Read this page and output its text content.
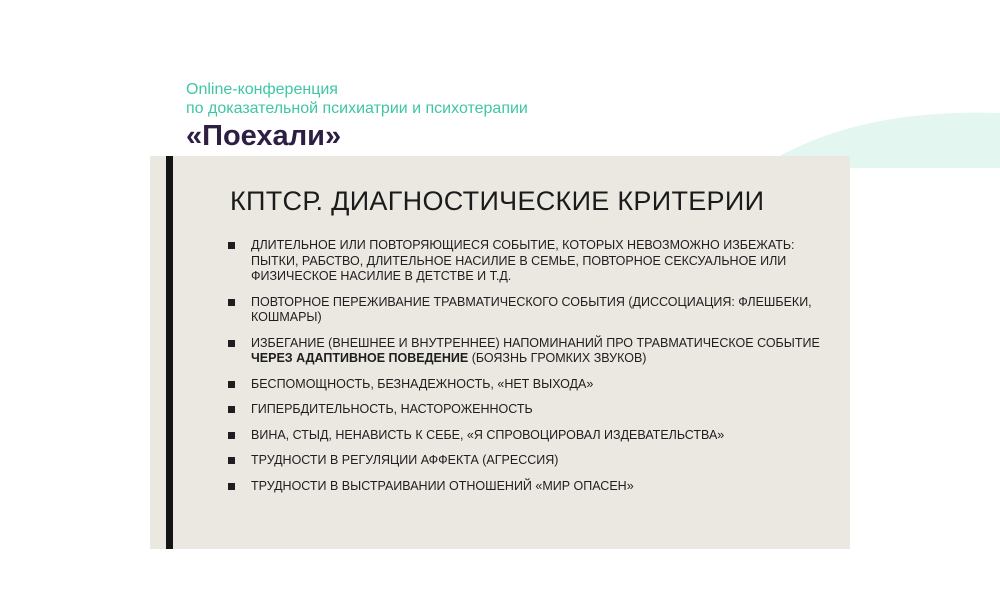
Online-конференция
по доказательной психиатрии и психотерапии
«Поехали»
КПТСР. ДИАГНОСТИЧЕСКИЕ КРИТЕРИИ
ДЛИТЕЛЬНОЕ ИЛИ ПОВТОРЯЮЩИЕСЯ СОБЫТИЕ, КОТОРЫХ НЕВОЗМОЖНО ИЗБЕЖАТЬ: ПЫТКИ, РАБСТВО, ДЛИТЕЛЬНОЕ НАСИЛИЕ В СЕМЬЕ, ПОВТОРНОЕ СЕКСУАЛЬНОЕ ИЛИ ФИЗИЧЕСКОЕ НАСИЛИЕ В ДЕТСТВЕ И Т.Д.
ПОВТОРНОЕ ПЕРЕЖИВАНИЕ ТРАВМАТИЧЕСКОГО СОБЫТИЯ (ДИССОЦИАЦИЯ: ФЛЕШБЕКИ, КОШМАРЫ)
ИЗБЕГАНИЕ (ВНЕШНЕЕ И ВНУТРЕННЕЕ) НАПОМИНАНИЙ ПРО ТРАВМАТИЧЕСКОЕ СОБЫТИЕ ЧЕРЕЗ АДАПТИВНОЕ ПОВЕДЕНИЕ (БОЯЗНЬ ГРОМКИХ ЗВУКОВ)
БЕСПОМОЩНОСТЬ, БЕЗНАДЕЖНОСТЬ, «НЕТ ВЫХОДА»
ГИПЕРБДИТЕЛЬНОСТЬ, НАСТОРОЖЕННОСТЬ
ВИНА, СТЫД, НЕНАВИСТЬ К СЕБЕ, «Я СПРОВОЦИРОВАЛ ИЗДЕВАТЕЛЬСТВА»
ТРУДНОСТИ В РЕГУЛЯЦИИ АФФЕКТА (АГРЕССИЯ)
ТРУДНОСТИ В ВЫСТРАИВАНИИ ОТНОШЕНИЙ «МИР ОПАСЕН»
